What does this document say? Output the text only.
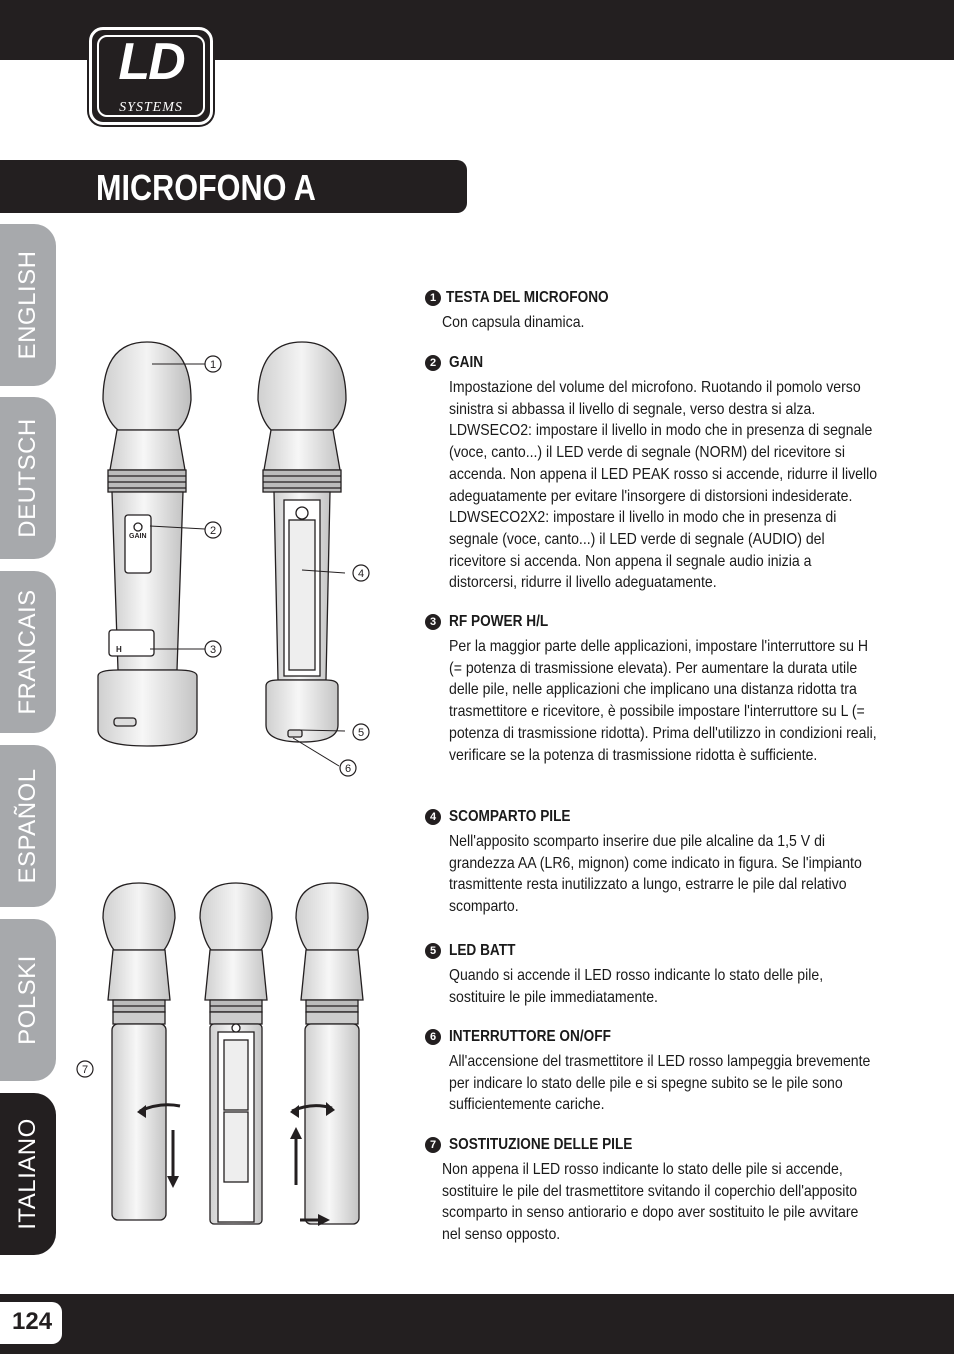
LD
SYSTEMS
MICROFONO A MANO:
ENGLISH
DEUTSCH
FRANCAIS
ESPAÑOL
POLSKI
ITALIANO
GAIN
H
1
2
3
4
5
6
7
1 TESTA DEL MICROFONO
Con capsula dinamica.
2 GAIN
Impostazione del volume del microfono. Ruotando il pomolo verso sinistra si abbassa il livello di segnale, verso destra si alza. LDWSECO2: impostare il livello in modo che in presenza di segnale (voce, canto...) il LED verde di segnale (NORM) del ricevitore si accenda. Non appena il LED PEAK rosso si accende, ridurre il livello adeguatamente per evitare l'insorgere di distorsioni indesiderate. LDWSECO2X2: impostare il livello in modo che in presenza di segnale (voce, canto...) il LED verde di segnale (AUDIO) del ricevitore si accenda. Non appena il segnale audio inizia a distorcersi, ridurre il livello adeguatamente.
3 RF POWER H/L
Per la maggior parte delle applicazioni, impostare l'interruttore su H (= potenza di trasmissione elevata). Per aumentare la durata utile delle pile, nelle applicazioni che implicano una distanza ridotta tra trasmettitore e ricevitore, è possibile impostare l'interruttore su L (= potenza di trasmissione ridotta). Prima dell'utilizzo in condizioni reali, verificare se la potenza di trasmissione ridotta è sufficiente.
4 SCOMPARTO PILE
Nell'apposito scomparto inserire due pile alcaline da 1,5 V di grandezza AA (LR6, mignon) come indicato in figura. Se l'impianto trasmittente resta inutilizzato a lungo, estrarre le pile dal relativo scomparto.
5 LED BATT
Quando si accende il LED rosso indicante lo stato delle pile, sostituire le pile immediatamente.
6 INTERRUTTORE ON/OFF
All'accensione del trasmettitore il LED rosso lampeggia brevemente per indicare lo stato delle pile e si spegne subito se le pile sono sufficientemente cariche.
7 SOSTITUZIONE DELLE PILE
Non appena il LED rosso indicante lo stato delle pile si accende, sostituire le pile del trasmettitore svitando il coperchio dell'apposito scomparto in senso antiorario e dopo aver sostituito le pile avvitare nel senso opposto.
124
